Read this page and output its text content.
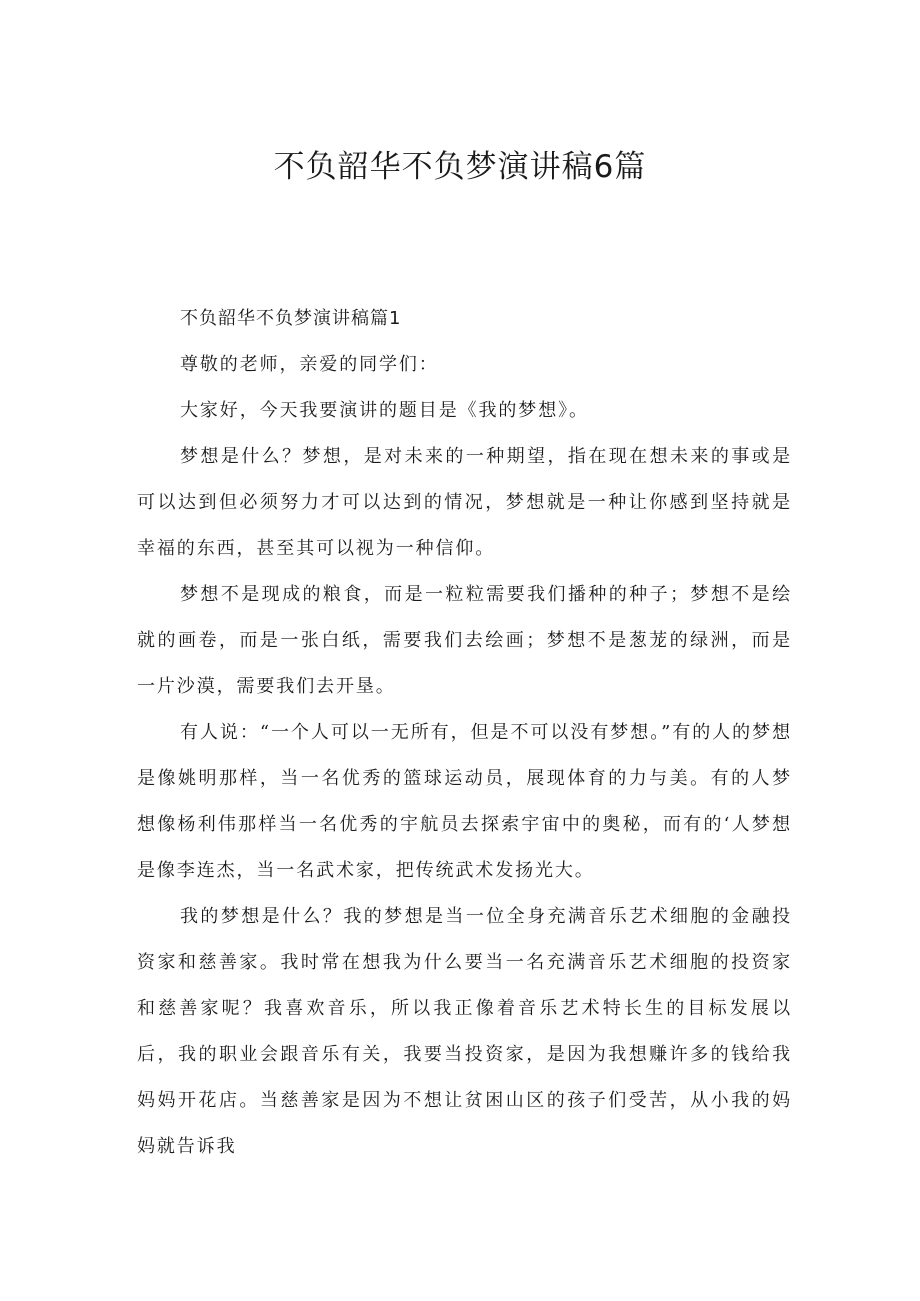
不负韶华不负梦演讲稿6篇

不负韶华不负梦演讲稿篇1

尊敬的老师，亲爱的同学们：

大家好，今天我要演讲的题目是《我的梦想》。

梦想是什么？梦想，是对未来的一种期望，指在现在想未来的事或是可以达到但必须努力才可以达到的情况，梦想就是一种让你感到坚持就是幸福的东西，甚至其可以视为一种信仰。

梦想不是现成的粮食，而是一粒粒需要我们播种的种子；梦想不是绘就的画卷，而是一张白纸，需要我们去绘画；梦想不是葱茏的绿洲，而是一片沙漠，需要我们去开垦。

有人说：“一个人可以一无所有，但是不可以没有梦想。”有的人的梦想是像姚明那样，当一名优秀的篮球运动员，展现体育的力与美。有的人梦想像杨利伟那样当一名优秀的宇航员去探索宇宙中的奥秘，而有的‘人梦想是像李连杰，当一名武术家，把传统武术发扬光大。

我的梦想是什么？我的梦想是当一位全身充满音乐艺术细胞的金融投资家和慈善家。我时常在想我为什么要当一名充满音乐艺术细胞的投资家和慈善家呢？我喜欢音乐，所以我正像着音乐艺术特长生的目标发展以后，我的职业会跟音乐有关，我要当投资家，是因为我想赚许多的钱给我妈妈开花店。当慈善家是因为不想让贫困山区的孩子们受苦，从小我的妈妈就告诉我
